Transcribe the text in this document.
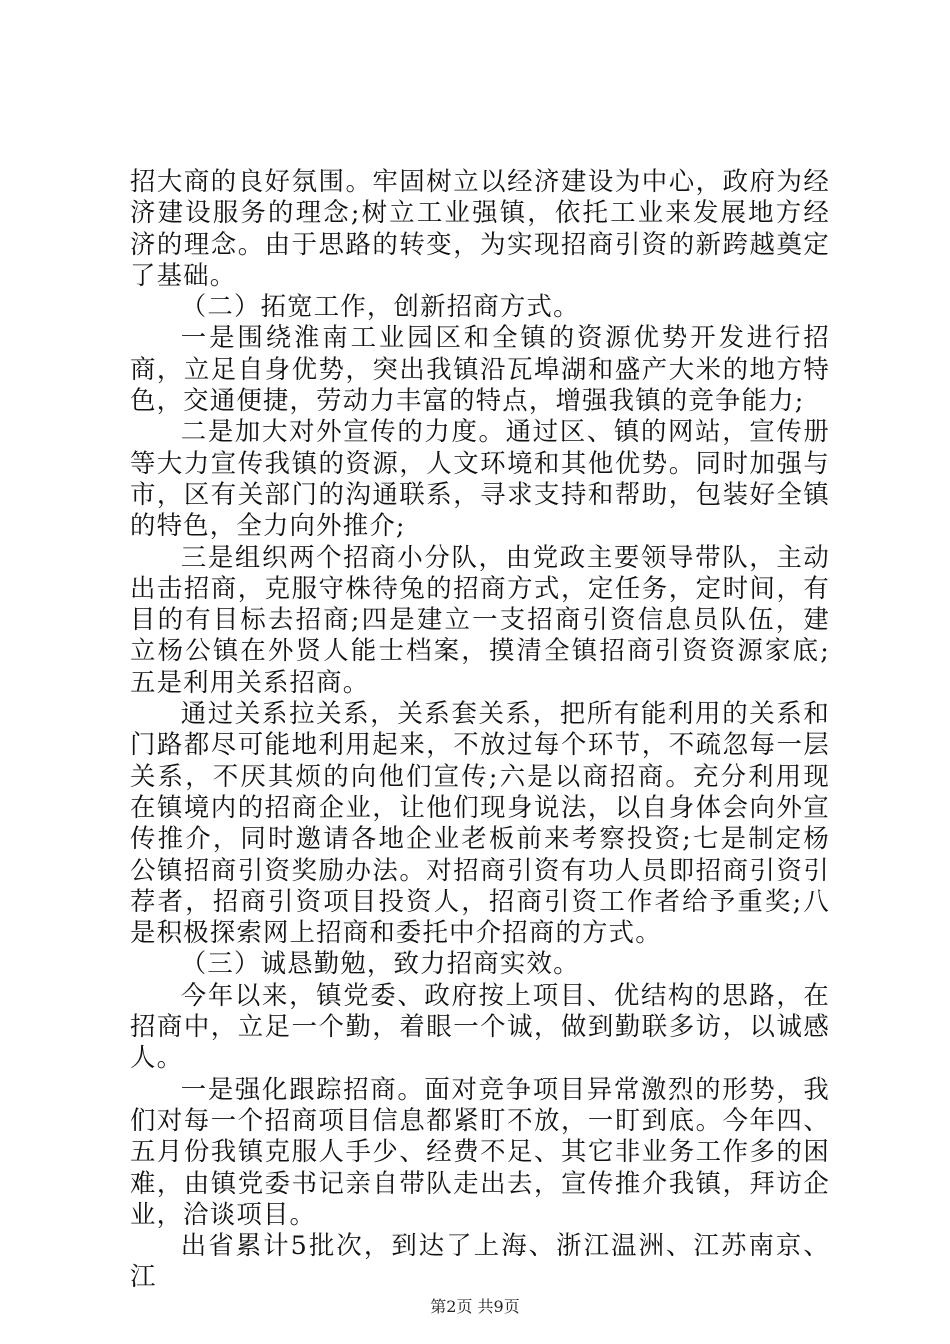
招大商的良好氛围。牢固树立以经济建设为中心，政府为经济建设服务的理念;树立工业强镇，依托工业来发展地方经济的理念。由于思路的转变，为实现招商引资的新跨越奠定了基础。

（二）拓宽工作，创新招商方式。

一是围绕淮南工业园区和全镇的资源优势开发进行招商，立足自身优势，突出我镇沿瓦埠湖和盛产大米的地方特色，交通便捷，劳动力丰富的特点，增强我镇的竞争能力;

二是加大对外宣传的力度。通过区、镇的网站，宣传册等大力宣传我镇的资源，人文环境和其他优势。同时加强与市，区有关部门的沟通联系，寻求支持和帮助，包装好全镇的特色，全力向外推介;

三是组织两个招商小分队，由党政主要领导带队，主动出击招商，克服守株待兔的招商方式，定任务，定时间，有目的有目标去招商;四是建立一支招商引资信息员队伍，建立杨公镇在外贤人能士档案，摸清全镇招商引资资源家底;五是利用关系招商。

通过关系拉关系，关系套关系，把所有能利用的关系和门路都尽可能地利用起来，不放过每个环节，不疏忽每一层关系，不厌其烦的向他们宣传;六是以商招商。充分利用现在镇境内的招商企业，让他们现身说法，以自身体会向外宣传推介，同时邀请各地企业老板前来考察投资;七是制定杨公镇招商引资奖励办法。对招商引资有功人员即招商引资引荐者，招商引资项目投资人，招商引资工作者给予重奖;八是积极探索网上招商和委托中介招商的方式。

（三）诚恳勤勉，致力招商实效。

今年以来，镇党委、政府按上项目、优结构的思路，在招商中，立足一个勤，着眼一个诚，做到勤联多访，以诚感人。

一是强化跟踪招商。面对竞争项目异常激烈的形势，我们对每一个招商项目信息都紧盯不放，一盯到底。今年四、五月份我镇克服人手少、经费不足、其它非业务工作多的困难，由镇党委书记亲自带队走出去，宣传推介我镇，拜访企业，洽谈项目。

出省累计5批次，到达了上海、浙江温洲、江苏南京、江

第2页 共9页
